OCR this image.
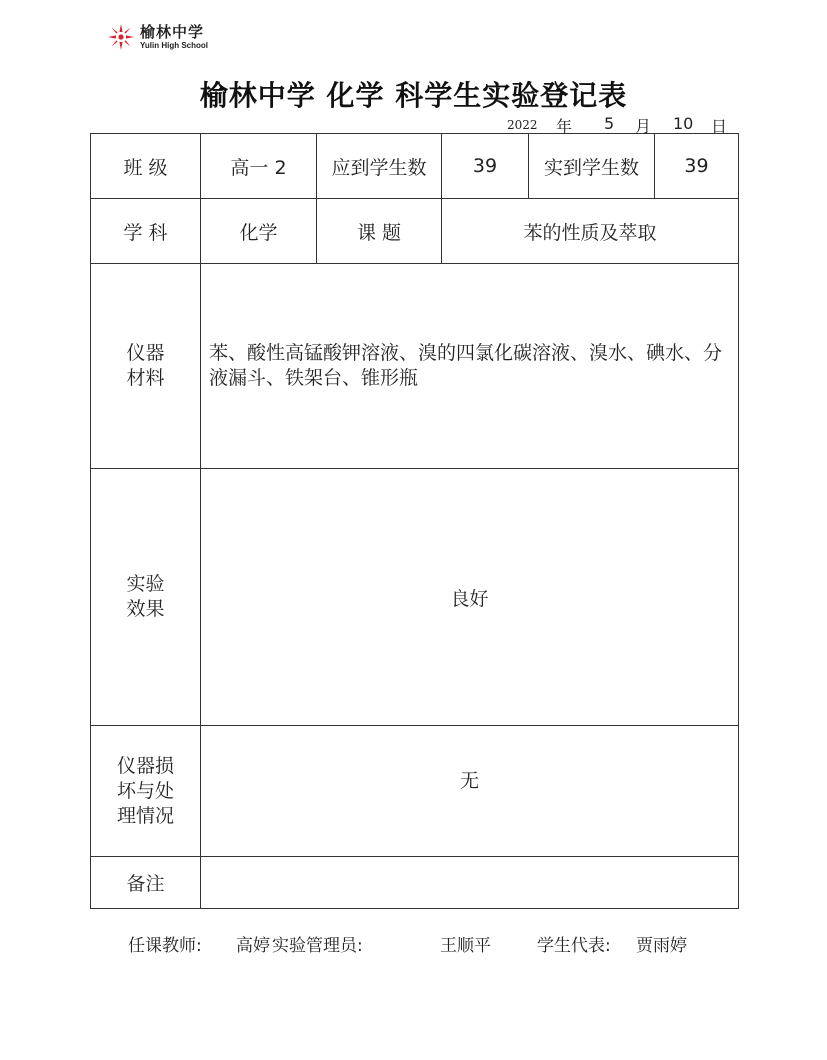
榆林中学
Yulin High School
榆林中学 化学 科学生实验登记表
2022 年 5 月 10 日
班 级	高一 2	应到学生数	39	实到学生数	39
学 科	化学	课 题	苯的性质及萃取		
仪器
材料	苯、酸性高锰酸钾溶液、溴的四氯化碳溶液、溴水、碘水、分液漏斗、铁架台、锥形瓶				
实验
效果	良好				
仪器损
坏与处
理情况	无				
备注					
任课教师: 高婷 实验管理员:	王顺平	学生代表: 贾雨婷
